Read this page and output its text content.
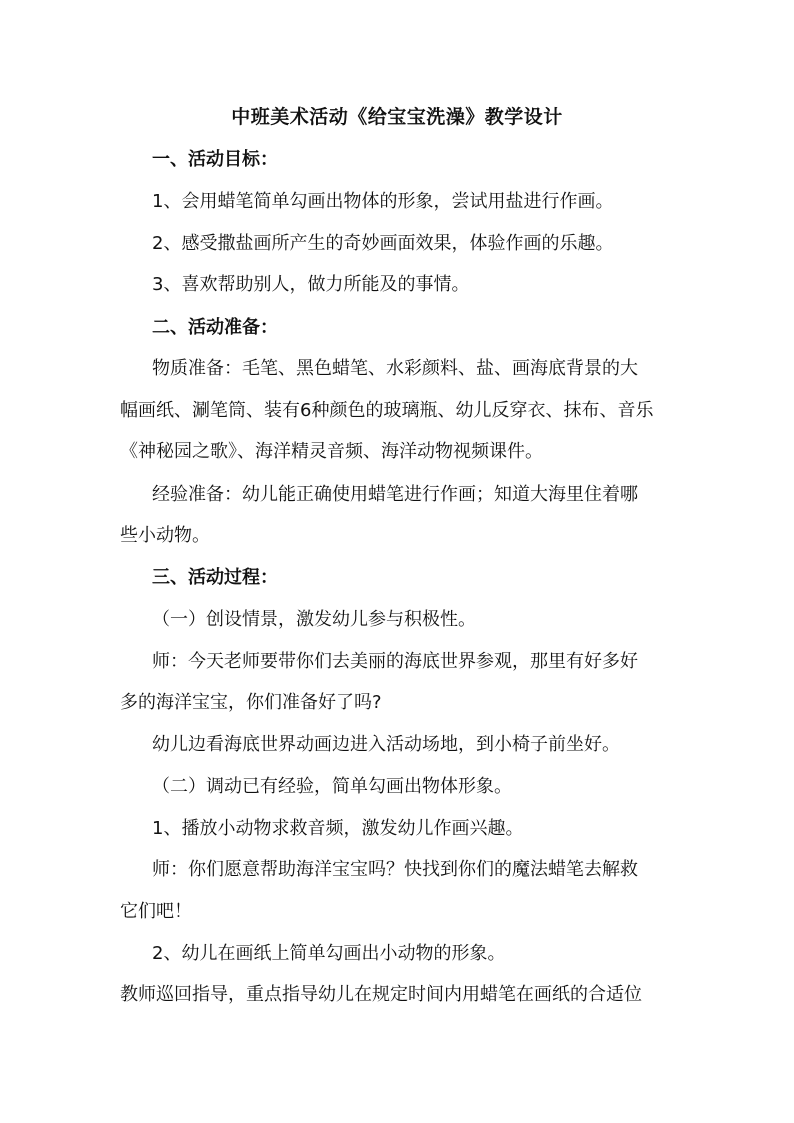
中班美术活动《给宝宝洗澡》教学设计
一、活动目标：
1、会用蜡笔简单勾画出物体的形象，尝试用盐进行作画。
2、感受撒盐画所产生的奇妙画面效果，体验作画的乐趣。
3、喜欢帮助别人，做力所能及的事情。
二、活动准备：
物质准备：毛笔、黑色蜡笔、水彩颜料、盐、画海底背景的大
幅画纸、涮笔筒、装有6种颜色的玻璃瓶、幼儿反穿衣、抹布、音乐
《神秘园之歌》、海洋精灵音频、海洋动物视频课件。
经验准备：幼儿能正确使用蜡笔进行作画；知道大海里住着哪
些小动物。
三、活动过程：
（一）创设情景，激发幼儿参与积极性。
师：今天老师要带你们去美丽的海底世界参观，那里有好多好
多的海洋宝宝，你们准备好了吗?
幼儿边看海底世界动画边进入活动场地，到小椅子前坐好。
（二）调动已有经验，简单勾画出物体形象。
1、播放小动物求救音频，激发幼儿作画兴趣。
师：你们愿意帮助海洋宝宝吗？快找到你们的魔法蜡笔去解救
它们吧！
2、幼儿在画纸上简单勾画出小动物的形象。
教师巡回指导，重点指导幼儿在规定时间内用蜡笔在画纸的合适位
